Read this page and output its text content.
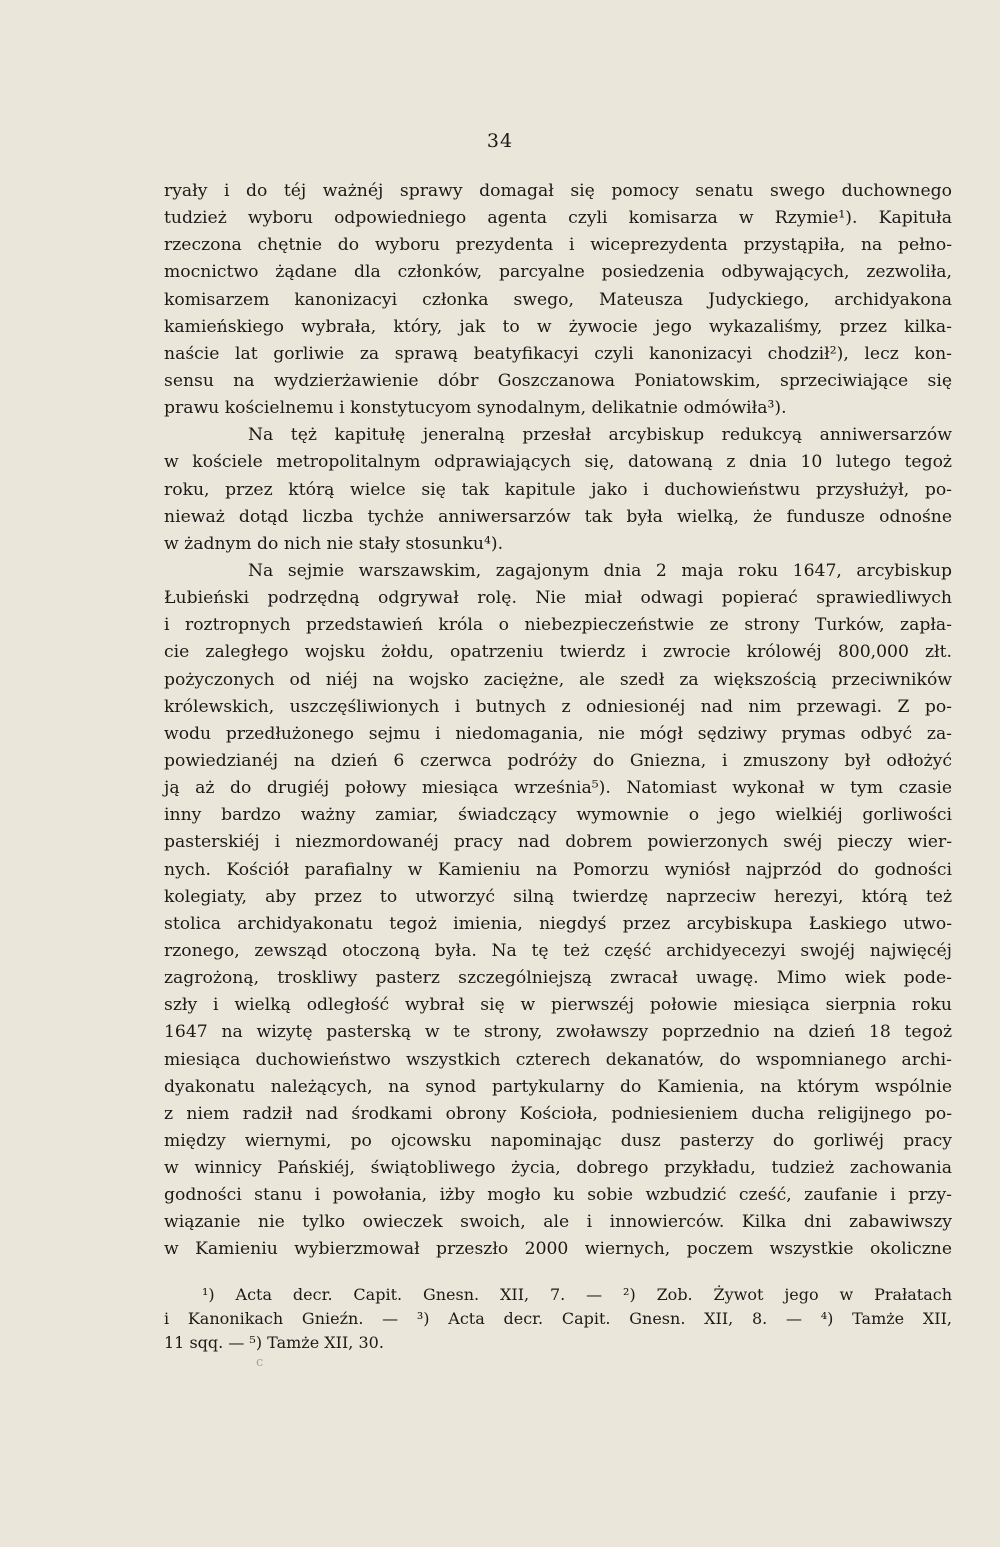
34
ryały i do téj ważnéj sprawy domagał się pomocy senatu swego duchownego
tudzież wyboru odpowiedniego agenta czyli komisarza w Rzymie¹). Kapituła
rzeczona chętnie do wyboru prezydenta i wiceprezydenta przystąpiła, na pełno-
mocnictwo żądane dla członków, parcyalne posiedzenia odbywających, zezwoliła,
komisarzem kanonizacyi członka swego, Mateusza Judyckiego, archidyakona
kamieńskiego wybrała, który, jak to w żywocie jego wykazaliśmy, przez kilka-
naście lat gorliwie za sprawą beatyfikacyi czyli kanonizacyi chodził²), lecz kon-
sensu na wydzierżawienie dóbr Goszczanowa Poniatowskim, sprzeciwiające się
prawu kościelnemu i konstytucyom synodalnym, delikatnie odmówiła³).
Na tęż kapitułę jeneralną przesłał arcybiskup redukcyą anniwersarzów
w kościele metropolitalnym odprawiających się, datowaną z dnia 10 lutego tegoż
roku, przez którą wielce się tak kapitule jako i duchowieństwu przysłużył, po-
nieważ dotąd liczba tychże anniwersarzów tak była wielką, że fundusze odnośne
w żadnym do nich nie stały stosunku⁴).
Na sejmie warszawskim, zagajonym dnia 2 maja roku 1647, arcybiskup
Łubieński podrzędną odgrywał rolę. Nie miał odwagi popierać sprawiedliwych
i roztropnych przedstawień króla o niebezpieczeństwie ze strony Turków, zapła-
cie zaległego wojsku żołdu, opatrzeniu twierdz i zwrocie królowéj 800,000 złt.
pożyczonych od niéj na wojsko zaciężne, ale szedł za większością przeciwników
królewskich, uszczęśliwionych i butnych z odniesionéj nad nim przewagi. Z po-
wodu przedłużonego sejmu i niedomagania, nie mógł sędziwy prymas odbyć za-
powiedzianéj na dzień 6 czerwca podróży do Gniezna, i zmuszony był odłożyć
ją aż do drugiéj połowy miesiąca września⁵). Natomiast wykonał w tym czasie
inny bardzo ważny zamiar, świadczący wymownie o jego wielkiéj gorliwości
pasterskiéj i niezmordowanéj pracy nad dobrem powierzonych swéj pieczy wier-
nych. Kościół parafialny w Kamieniu na Pomorzu wyniósł najprzód do godności
kolegiaty, aby przez to utworzyć silną twierdzę naprzeciw herezyi, którą też
stolica archidyakonatu tegoż imienia, niegdyś przez arcybiskupa Łaskiego utwo-
rzonego, zewsząd otoczoną była. Na tę też część archidyecezyi swojéj najwięcéj
zagrożoną, troskliwy pasterz szczególniejszą zwracał uwagę. Mimo wiek pode-
szły i wielką odległość wybrał się w pierwszéj połowie miesiąca sierpnia roku
1647 na wizytę pasterską w te strony, zwoławszy poprzednio na dzień 18 tegoż
miesiąca duchowieństwo wszystkich czterech dekanatów, do wspomnianego archi-
dyakonatu należących, na synod partykularny do Kamienia, na którym wspólnie
z niem radził nad środkami obrony Kościoła, podniesieniem ducha religijnego po-
między wiernymi, po ojcowsku napominając dusz pasterzy do gorliwéj pracy
w winnicy Pańskiéj, świątobliwego życia, dobrego przykładu, tudzież zachowania
godności stanu i powołania, iżby mogło ku sobie wzbudzić cześć, zaufanie i przy-
wiązanie nie tylko owieczek swoich, ale i innowierców. Kilka dni zabawiwszy
w Kamieniu wybierzmował przeszło 2000 wiernych, poczem wszystkie okoliczne
¹) Acta decr. Capit. Gnesn. XII, 7. — ²) Zob. Żywot jego w Prałatach
i Kanonikach Gnieźn. — ³) Acta decr. Capit. Gnesn. XII, 8. — ⁴) Tamże XII,
11 sqq. — ⁵) Tamże XII, 30.
c
